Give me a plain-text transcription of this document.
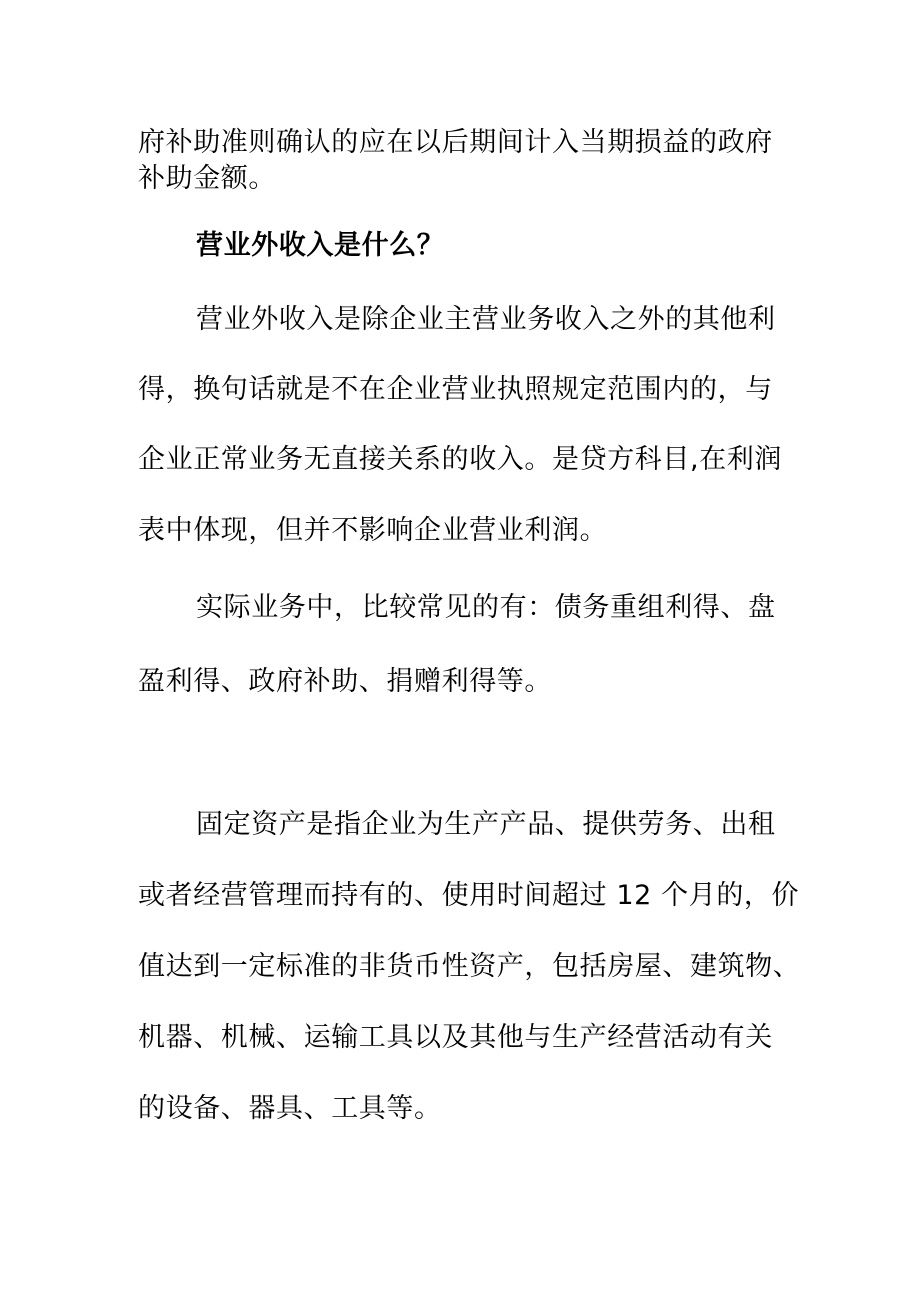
府补助准则确认的应在以后期间计入当期损益的政府
补助金额。
营业外收入是什么？
营业外收入是除企业主营业务收入之外的其他利
得，换句话就是不在企业营业执照规定范围内的，与
企业正常业务无直接关系的收入。是贷方科目,在利润
表中体现，但并不影响企业营业利润。
实际业务中，比较常见的有：债务重组利得、盘
盈利得、政府补助、捐赠利得等。
固定资产是指企业为生产产品、提供劳务、出租
或者经营管理而持有的、使用时间超过 12 个月的，价
值达到一定标准的非货币性资产，包括房屋、建筑物、
机器、机械、运输工具以及其他与生产经营活动有关
的设备、器具、工具等。
